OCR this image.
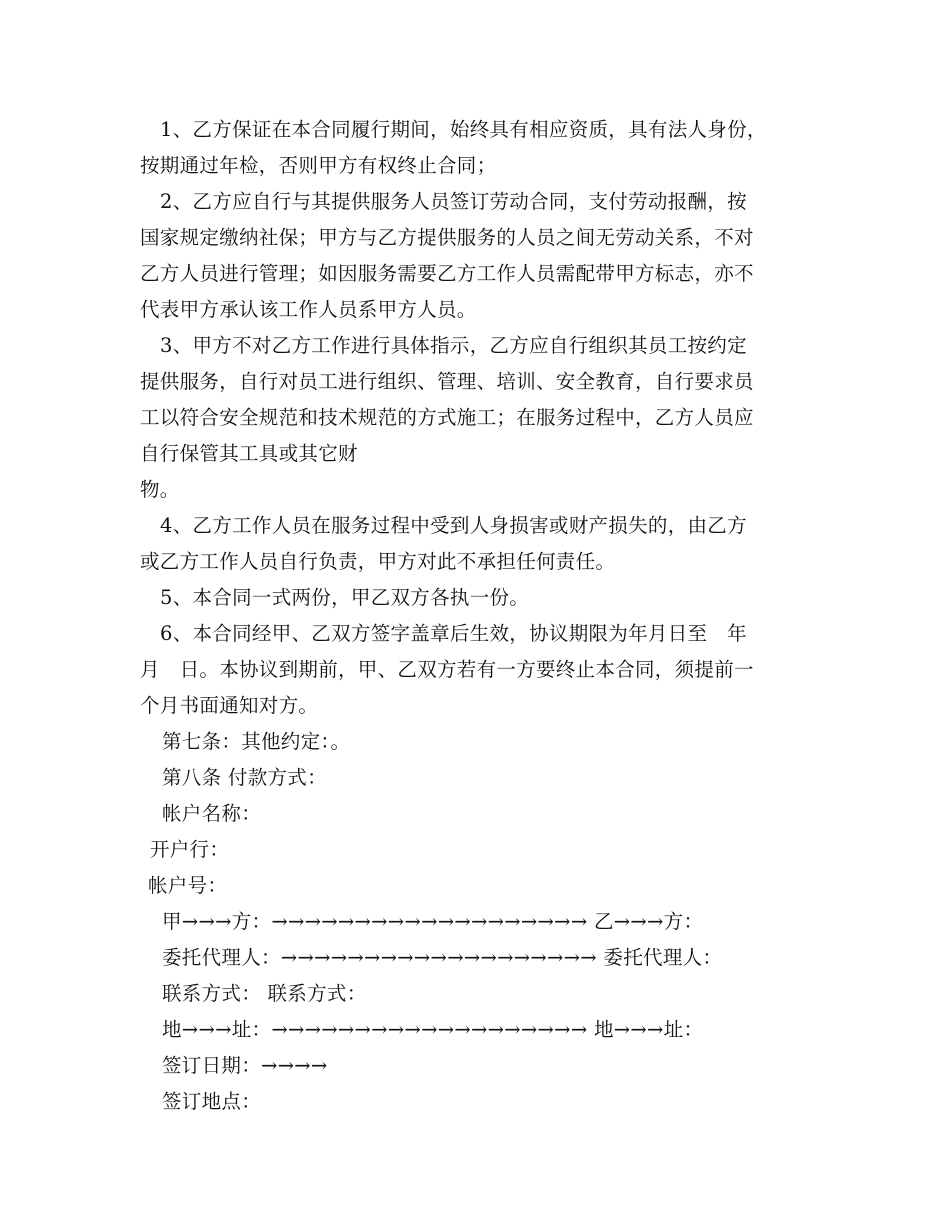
1、乙方保证在本合同履行期间，始终具有相应资质，具有法人身份，
按期通过年检，否则甲方有权终止合同；
2、乙方应自行与其提供服务人员签订劳动合同，支付劳动报酬，按
国家规定缴纳社保；甲方与乙方提供服务的人员之间无劳动关系，不对
乙方人员进行管理；如因服务需要乙方工作人员需配带甲方标志，亦不
代表甲方承认该工作人员系甲方人员。
3、甲方不对乙方工作进行具体指示，乙方应自行组织其员工按约定
提供服务，自行对员工进行组织、管理、培训、安全教育，自行要求员
工以符合安全规范和技术规范的方式施工；在服务过程中，乙方人员应
自行保管其工具或其它财
物。
4、乙方工作人员在服务过程中受到人身损害或财产损失的，由乙方
或乙方工作人员自行负责，甲方对此不承担任何责任。
5、本合同一式两份，甲乙双方各执一份。
6、本合同经甲、乙双方签字盖章后生效，协议期限为年月日至　年
月　日。本协议到期前，甲、乙双方若有一方要终止本合同，须提前一
个月书面通知对方。
第七条：其他约定：。
第八条 付款方式：
帐户名称：
开户行：
帐户号：
甲→→→方：→→→→→→→→→→→→→→→→→→→ 乙→→→方：
委托代理人：→→→→→→→→→→→→→→→→→→→ 委托代理人：
联系方式： 联系方式：
地→→→址：→→→→→→→→→→→→→→→→→→→ 地→→→址：
签订日期：→→→→
签订地点：
